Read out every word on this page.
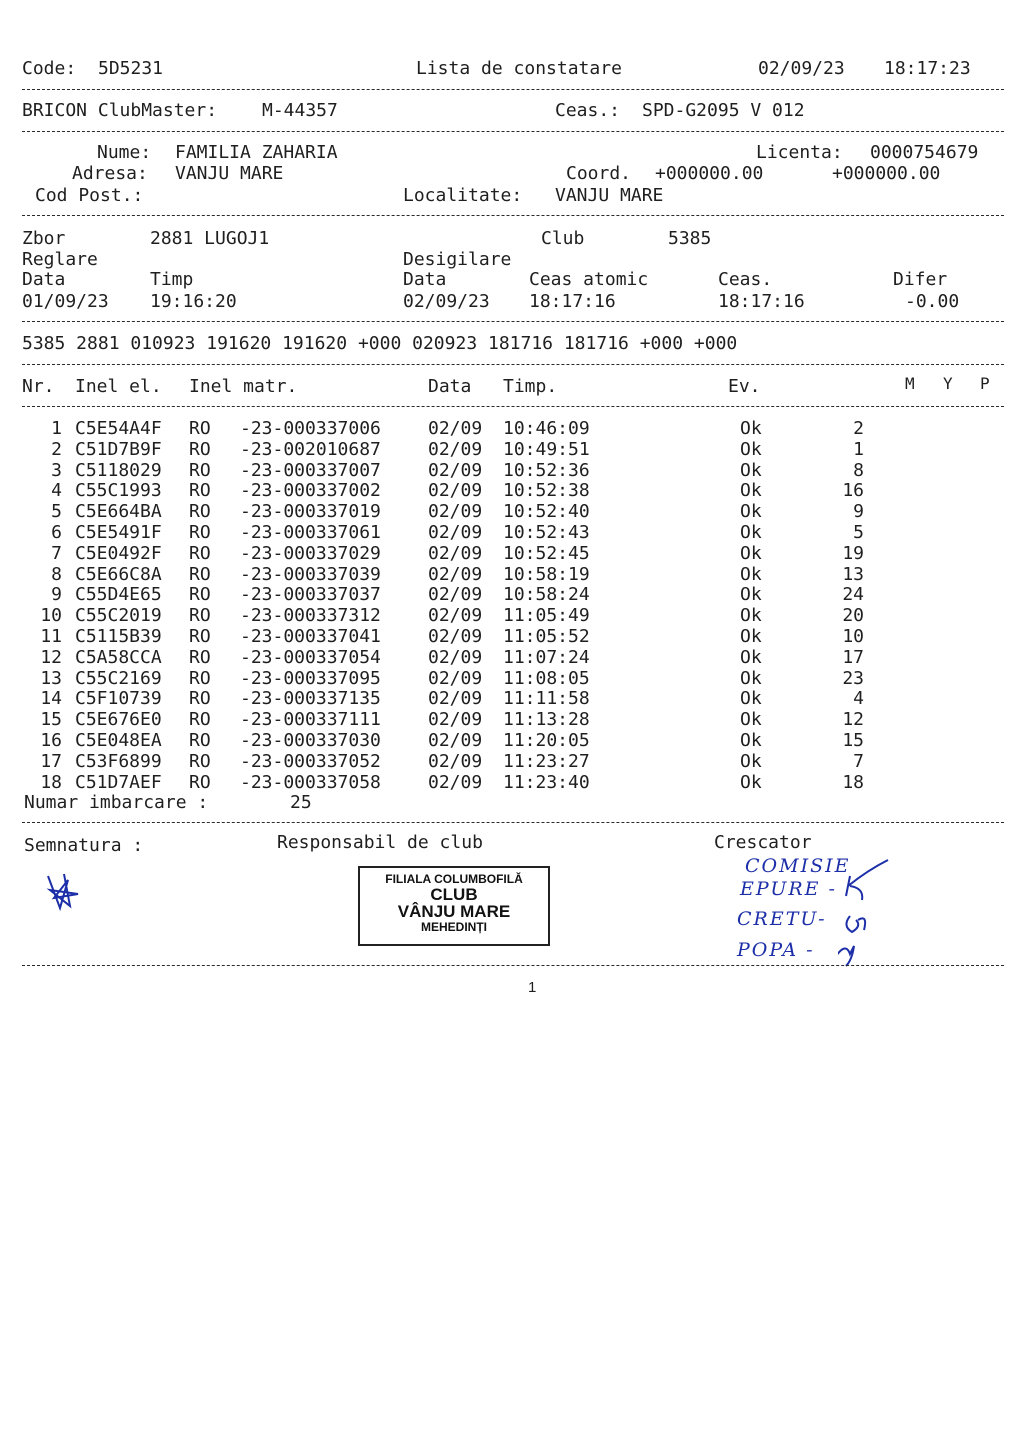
Code: 5D5231	Lista de constatare	02/09/23 18:17:23
BRICON ClubMaster: M-44357	Ceas.: SPD-G2095 V 012
Nume: FAMILIA ZAHARIA	Licenta: 0000754679
Adresa: VANJU MARE	Coord. +000000.00	+000000.00
Cod Post.:	Localitate: VANJU MARE
Zbor	2881 LUGOJ1	Club	5385
Reglare	Desigilare
Data	Timp	Data	Ceas atomic	Ceas.	Difer
01/09/23 19:16:20	02/09/23 18:17:16	18:17:16	-0.00
5385 2881 010923 191620 191620 +000 020923 181716 181716 +000 +000
Nr. Inel el. Inel matr.	Data Timp.	Ev.	M Y P
1 C5E54A4F RO -23-000337006	02/09 10:46:09	Ok	2
2 C51D7B9F RO -23-002010687	02/09 10:49:51	Ok	1
3 C5118029 RO -23-000337007	02/09 10:52:36	Ok	8
4 C55C1993 RO -23-000337002	02/09 10:52:38	Ok	16
5 C5E664BA RO -23-000337019	02/09 10:52:40	Ok	9
6 C5E5491F RO -23-000337061	02/09 10:52:43	Ok	5
7 C5E0492F RO -23-000337029	02/09 10:52:45	Ok	19
8 C5E66C8A RO -23-000337039	02/09 10:58:19	Ok	13
9 C55D4E65 RO -23-000337037	02/09 10:58:24	Ok	24
10 C55C2019 RO -23-000337312	02/09 11:05:49	Ok	20
11 C5115B39 RO -23-000337041	02/09 11:05:52	Ok	10
12 C5A58CCA RO -23-000337054	02/09 11:07:24	Ok	17
13 C55C2169 RO -23-000337095	02/09 11:08:05	Ok	23
14 C5F10739 RO -23-000337135	02/09 11:11:58	Ok	4
15 C5E676E0 RO -23-000337111	02/09 11:13:28	Ok	12
16 C5E048EA RO -23-000337030	02/09 11:20:05	Ok	15
17 C53F6899 RO -23-000337052	02/09 11:23:27	Ok	7
18 C51D7AEF RO -23-000337058	02/09 11:23:40	Ok	18
Numar imbarcare :	25
Semnatura :	Responsabil de club	Crescator
FILIALA COLUMBOFILĂ
CLUB
VÂNJU MARE
MEHEDINȚI
COMISIE
EPURE -
CRETU-
POPA -
1
